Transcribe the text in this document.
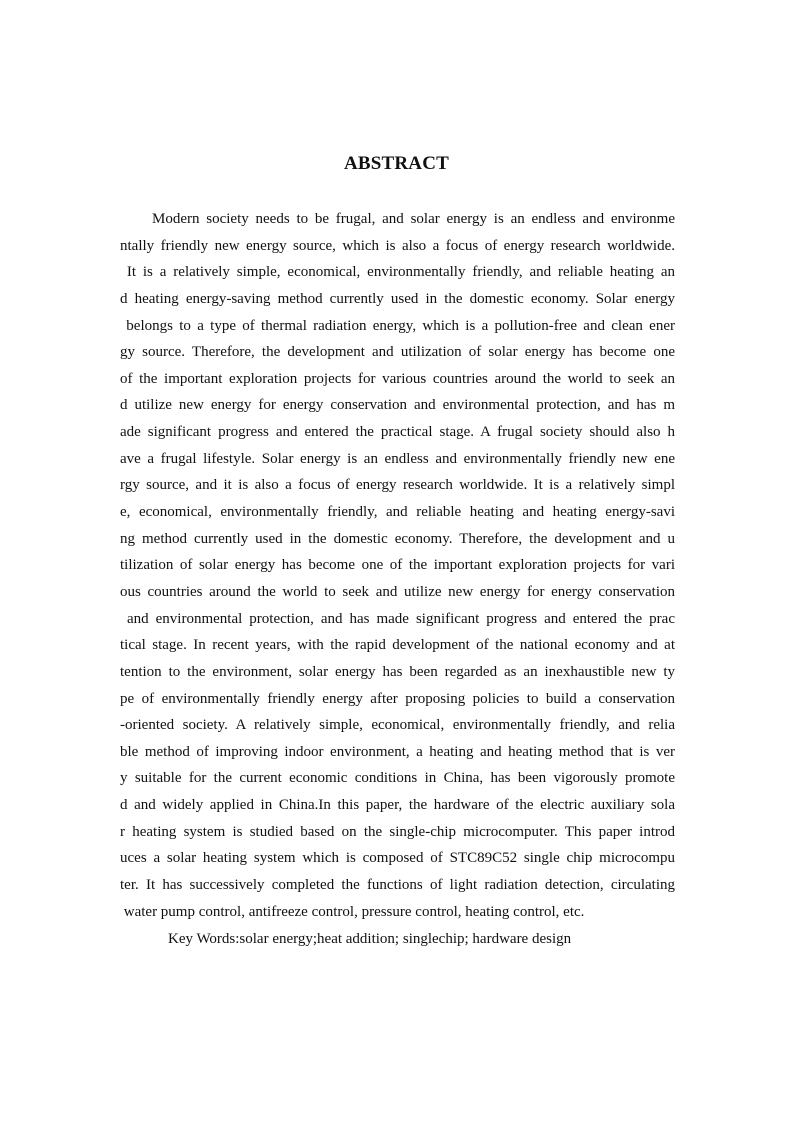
ABSTRACT
Modern society needs to be frugal, and solar energy is an endless and environme
ntally friendly new energy source, which is also a focus of energy research worldwide.
It is a relatively simple, economical, environmentally friendly, and reliable heating an
d heating energy-saving method currently used in the domestic economy. Solar energy
belongs to a type of thermal radiation energy, which is a pollution-free and clean ener
gy source. Therefore, the development and utilization of solar energy has become one
of the important exploration projects for various countries around the world to seek an
d utilize new energy for energy conservation and environmental protection, and has m
ade significant progress and entered the practical stage. A frugal society should also h
ave a frugal lifestyle. Solar energy is an endless and environmentally friendly new ene
rgy source, and it is also a focus of energy research worldwide. It is a relatively simpl
e, economical, environmentally friendly, and reliable heating and heating energy-savi
ng method currently used in the domestic economy. Therefore, the development and u
tilization of solar energy has become one of the important exploration projects for vari
ous countries around the world to seek and utilize new energy for energy conservation
and environmental protection, and has made significant progress and entered the prac
tical stage. In recent years, with the rapid development of the national economy and at
tention to the environment, solar energy has been regarded as an inexhaustible new ty
pe of environmentally friendly energy after proposing policies to build a conservation
-oriented society. A relatively simple, economical, environmentally friendly, and relia
ble method of improving indoor environment, a heating and heating method that is ver
y suitable for the current economic conditions in China, has been vigorously promote
d and widely applied in China.In this paper, the hardware of the electric auxiliary sola
r heating system is studied based on the single-chip microcomputer. This paper introd
uces a solar heating system which is composed of STC89C52 single chip microcompu
ter. It has successively completed the functions of light radiation detection, circulating
water pump control, antifreeze control, pressure control, heating control, etc.
Key Words:solar energy;heat addition; singlechip; hardware design
